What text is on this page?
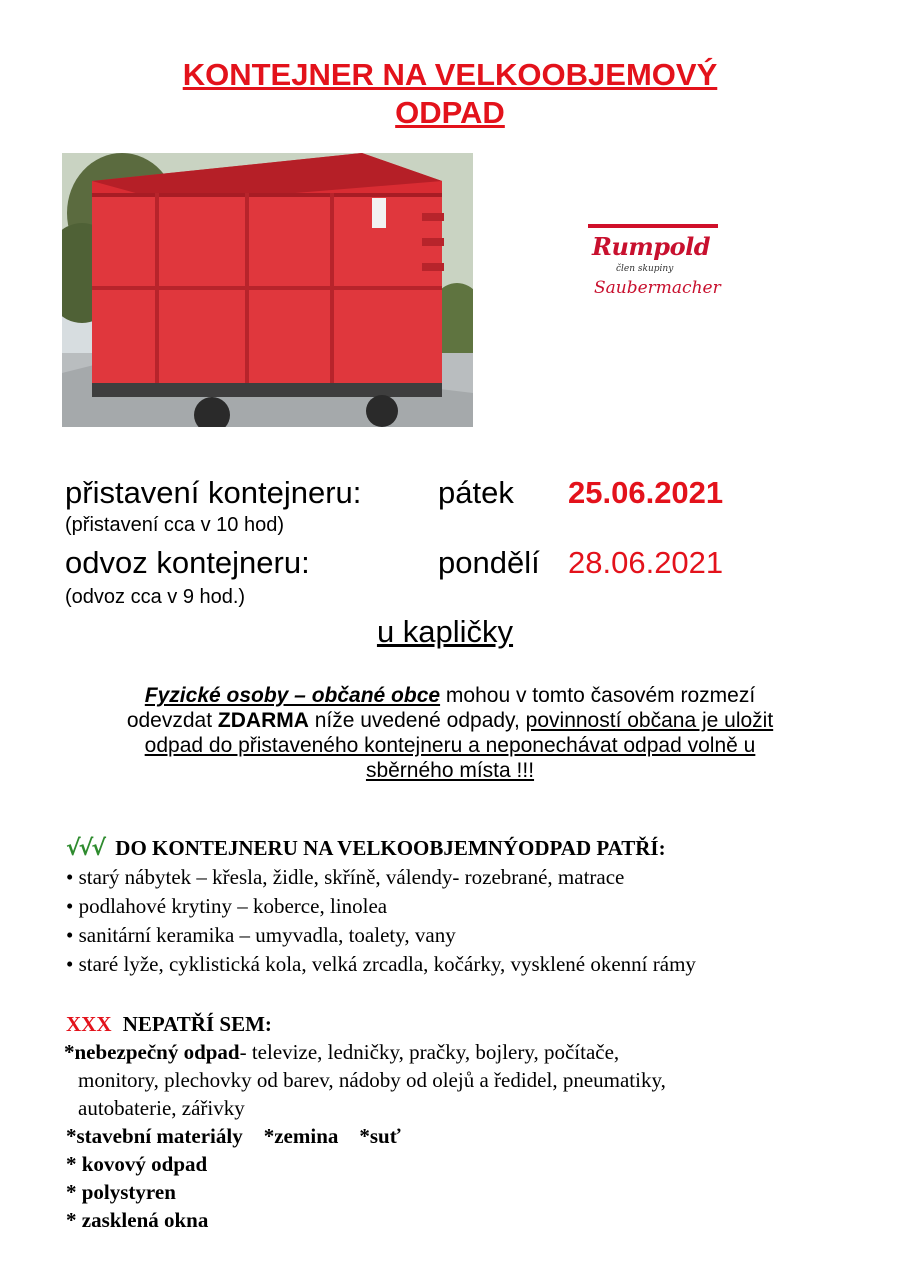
KONTEJNER NA VELKOOBJEMOVÝ
ODPAD
Rumpold
člen skupiny
Saubermacher
přistavení kontejneru: pátek 25.06.2021
(přistavení cca v 10 hod)
odvoz kontejneru:	pondělí 28.06.2021
(odvoz cca v 9 hod.)
u kapličky
Fyzické osoby – občané obce mohou v tomto časovém rozmezí
odevzdat ZDARMA níže uvedené odpady, povinností občana je uložit
odpad do přistaveného kontejneru a neponechávat odpad volně u
sběrného místa !!!
√√√ DO KONTEJNERU NA VELKOOBJEMNÝODPAD PATŘÍ:
• starý nábytek – křesla, židle, skříně, válendy- rozebrané, matrace
• podlahové krytiny – koberce, linolea
• sanitární keramika – umyvadla, toalety, vany
• staré lyže, cyklistická kola, velká zrcadla, kočárky, vysklené okenní rámy
XXX NEPATŘÍ SEM:
*nebezpečný odpad- televize, ledničky, pračky, bojlery, počítače,
monitory, plechovky od barev, nádoby od olejů a ředidel, pneumatiky,
autobaterie, zářivky
*stavební materiály    *zemina    *suť
* kovový odpad
* polystyren
* zasklená okna
